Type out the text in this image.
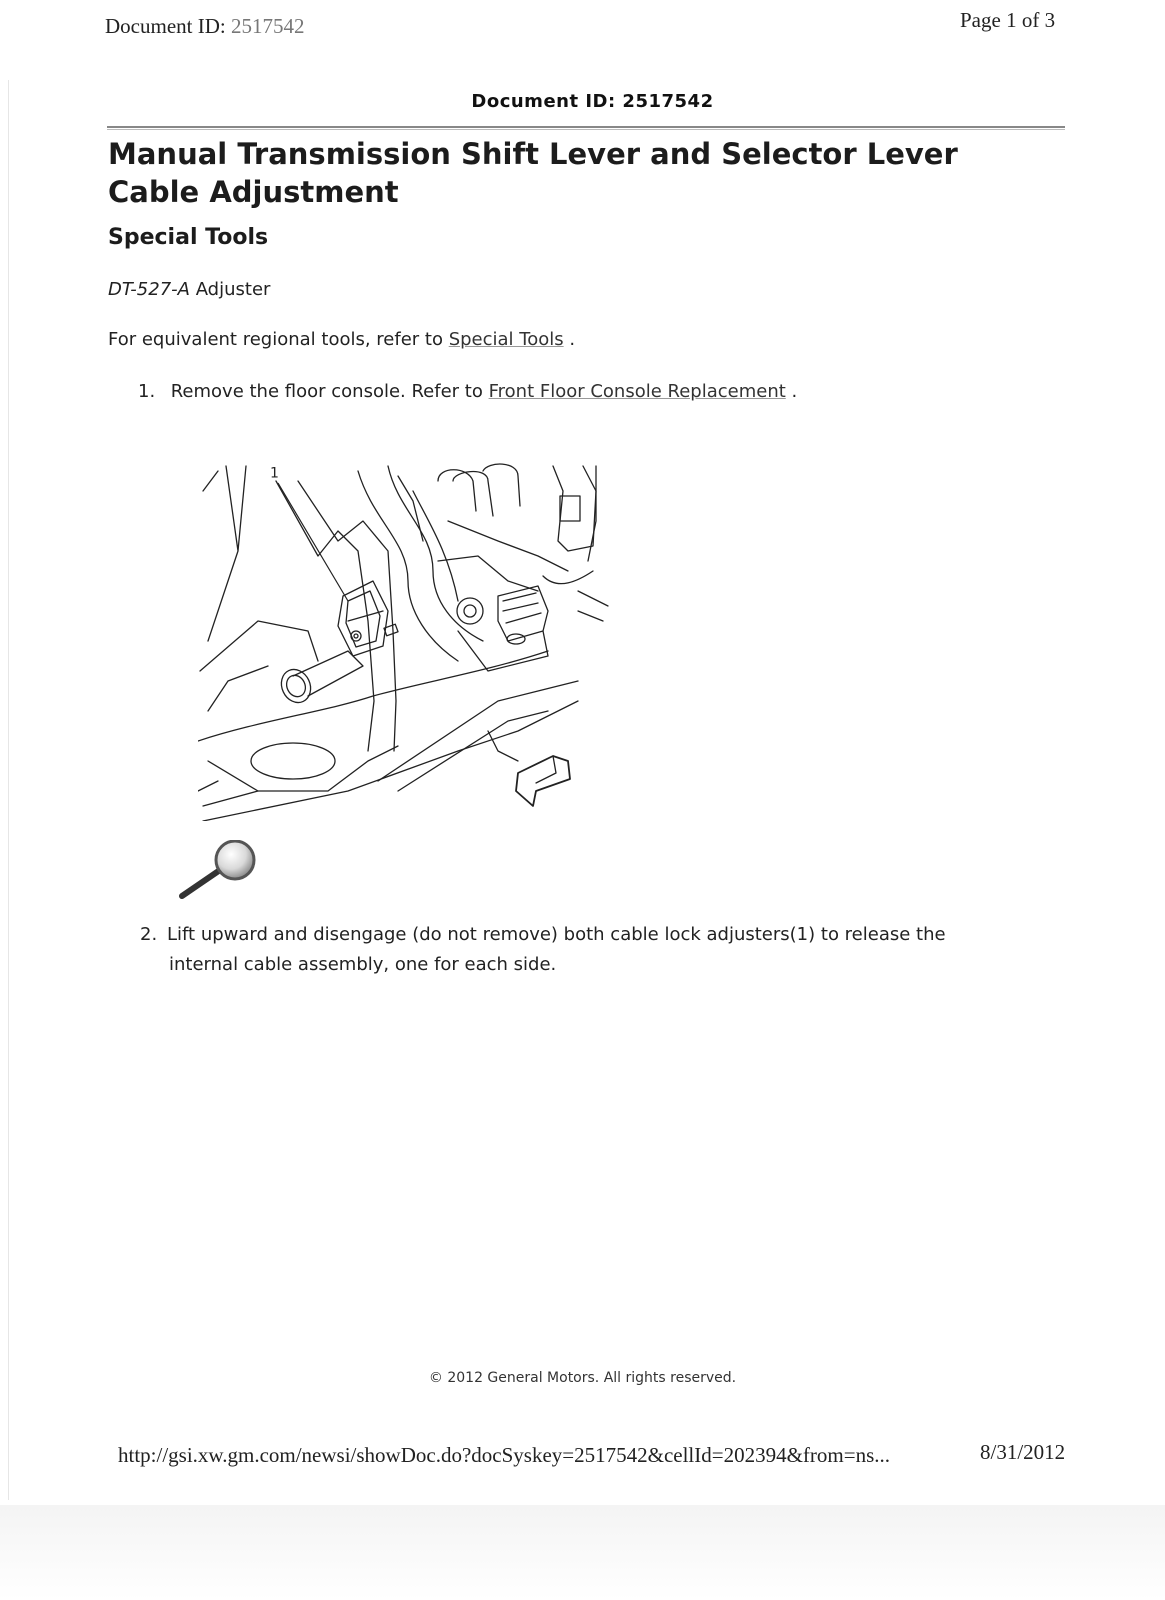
Document ID: 2517542	Page 1 of 3
Document ID: 2517542
Manual Transmission Shift Lever and Selector Lever Cable Adjustment
Special Tools
DT-527-A Adjuster
For equivalent regional tools, refer to Special Tools .
1. Remove the floor console. Refer to Front Floor Console Replacement .
1
2. Lift upward and disengage (do not remove) both cable lock adjusters(1) to release the
internal cable assembly, one for each side.
© 2012 General Motors. All rights reserved.
http://gsi.xw.gm.com/newsi/showDoc.do?docSyskey=2517542&cellId=202394&from=ns...	8/31/2012
